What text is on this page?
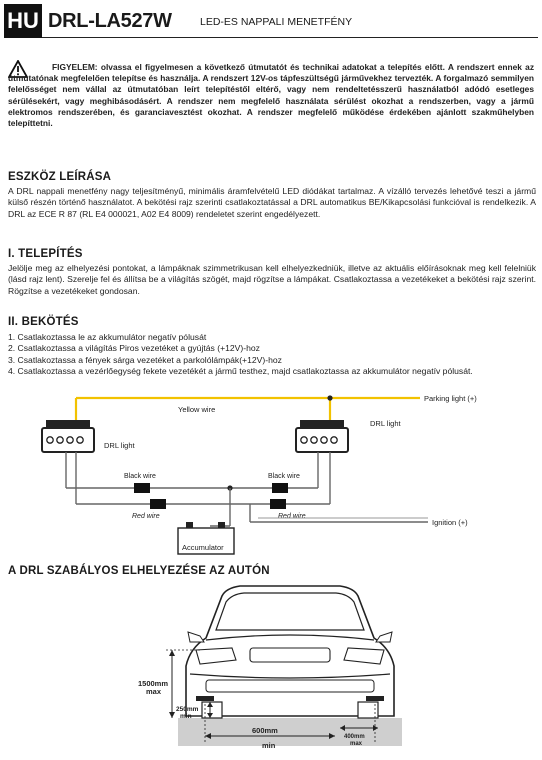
HU DRL-LA527W	LED-ES NAPPALI MENETFÉNY
FIGYELEM: olvassa el figyelmesen a következő útmutatót és technikai adatokat a telepítés előtt. A rendszert ennek az útmutatónak megfelelően telepítse és használja. A rendszert 12V-os tápfeszültségű járművekhez tervezték. A forgalmazó semmilyen felelősséget nem vállal az útmutatóban leírt telepítéstől eltérő, vagy nem rendeltetésszerű használatból adódó esetleges sérülésekért, vagy meghibásodásért. A rendszer nem megfelelő használata sérülést okozhat a rendszerben, vagy a jármű elektromos rendszerében, és garanciavesztést okozhat. A rendszer megfelelő működése érdekében ajánlott szakműhelyben telepíttetni.
ESZKÖZ LEÍRÁSA
A DRL nappali menetfény nagy teljesítményű, minimális áramfelvételű LED diódákat tartalmaz. A vízálló tervezés lehetővé teszi a jármű külső részén történő használatot. A bekötési rajz szerinti csatlakoztatással a DRL automatikus BE/Kikapcsolási funkcióval is rendelkezik. A DRL az ECE R 87 (RL E4 000021, A02 E4 8009) rendeletet szerint engedélyezett.
I. TELEPÍTÉS
Jelölje meg az elhelyezési pontokat, a lámpáknak szimmetrikusan kell elhelyezkedniük, illetve az aktuális előírásoknak meg kell felelniük (lásd rajz lent). Szerelje fel és állítsa be a világítás szögét, majd rögzítse a lámpákat. Csatlakoztassa a vezetékeket a bekötési rajz szerint. Rögzítse a vezetékeket gondosan.
II. BEKÖTÉS
1. Csatlakoztassa le az akkumulátor negatív pólusát
2. Csatlakoztassa a világítás Piros vezetéket a gyújtás (+12V)-hoz
3. Csatlakoztassa a fények sárga vezetéket a parkolólámpák(+12V)-hoz
4. Csatlakoztassa a vezérlőegység fekete vezetékét a jármű testhez, majd csatlakoztassa az akkumulátor negatív pólusát.
Yellow wire
Parking light (+)
DRL light
DRL light
Black wire	Black wire
Red wire	Red wire
Ignition (+)
Accumulator
A DRL SZABÁLYOS ELHELYEZÉSE AZ AUTÓN
1500mm
max
250mm
min
600mm
min
400mm
max
